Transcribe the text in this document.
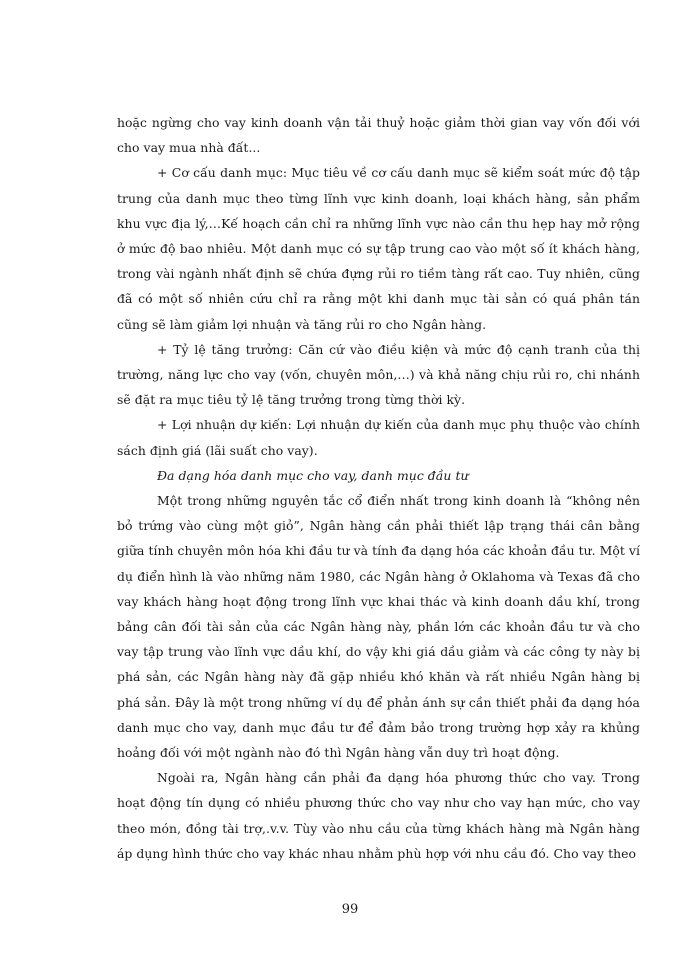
hoặc ngừng cho vay kinh doanh vận tải thuỷ hoặc giảm thời gian vay vốn đối với cho vay mua nhà đất...

+ Cơ cấu danh mục: Mục tiêu về cơ cấu danh mục sẽ kiểm soát mức độ tập trung của danh mục theo từng lĩnh vực kinh doanh, loại khách hàng, sản phẩm khu vực địa lý,…Kế hoạch cần chỉ ra những lĩnh vực nào cần thu hẹp hay mở rộng ở mức độ bao nhiêu. Một danh mục có sự tập trung cao vào một số ít khách hàng, trong vài ngành nhất định sẽ chứa đựng rủi ro tiềm tàng rất cao. Tuy nhiên, cũng đã có một số nhiên cứu chỉ ra rằng một khi danh mục tài sản có quá phân tán cũng sẽ làm giảm lợi nhuận và tăng rủi ro cho Ngân hàng.

+ Tỷ lệ tăng trưởng: Căn cứ vào điều kiện và mức độ cạnh tranh của thị trường, năng lực cho vay (vốn, chuyên môn,…) và khả năng chịu rủi ro, chi nhánh sẽ đặt ra mục tiêu tỷ lệ tăng trưởng trong từng thời kỳ.

+ Lợi nhuận dự kiến: Lợi nhuận dự kiến của danh mục phụ thuộc vào chính sách định giá (lãi suất cho vay).

Đa dạng hóa danh mục cho vay, danh mục đầu tư

Một trong những nguyên tắc cổ điển nhất trong kinh doanh là “không nên bỏ trứng vào cùng một giỏ”, Ngân hàng cần phải thiết lập trạng thái cân bằng giữa tính chuyên môn hóa khi đầu tư và tính đa dạng hóa các khoản đầu tư. Một ví dụ điển hình là vào những năm 1980, các Ngân hàng ở Oklahoma và Texas đã cho vay khách hàng hoạt động trong lĩnh vực khai thác và kinh doanh dầu khí, trong bảng cân đối tài sản của các Ngân hàng này, phần lớn các khoản đầu tư và cho vay tập trung vào lĩnh vực dầu khí, do vậy khi giá dầu giảm và các công ty này bị phá sản, các Ngân hàng này đã gặp nhiều khó khăn và rất nhiều Ngân hàng bị phá sản. Đây là một trong những ví dụ để phản ánh sự cần thiết phải đa dạng hóa danh mục cho vay, danh mục đầu tư để đảm bảo trong trường hợp xảy ra khủng hoảng đối với một ngành nào đó thì Ngân hàng vẫn duy trì hoạt động.

Ngoài ra, Ngân hàng cần phải đa dạng hóa phương thức cho vay. Trong hoạt động tín dụng có nhiều phương thức cho vay như cho vay hạn mức, cho vay theo món, đồng tài trợ,.v.v. Tùy vào nhu cầu của từng khách hàng mà Ngân hàng áp dụng hình thức cho vay khác nhau nhằm phù hợp với nhu cầu đó. Cho vay theo

99
